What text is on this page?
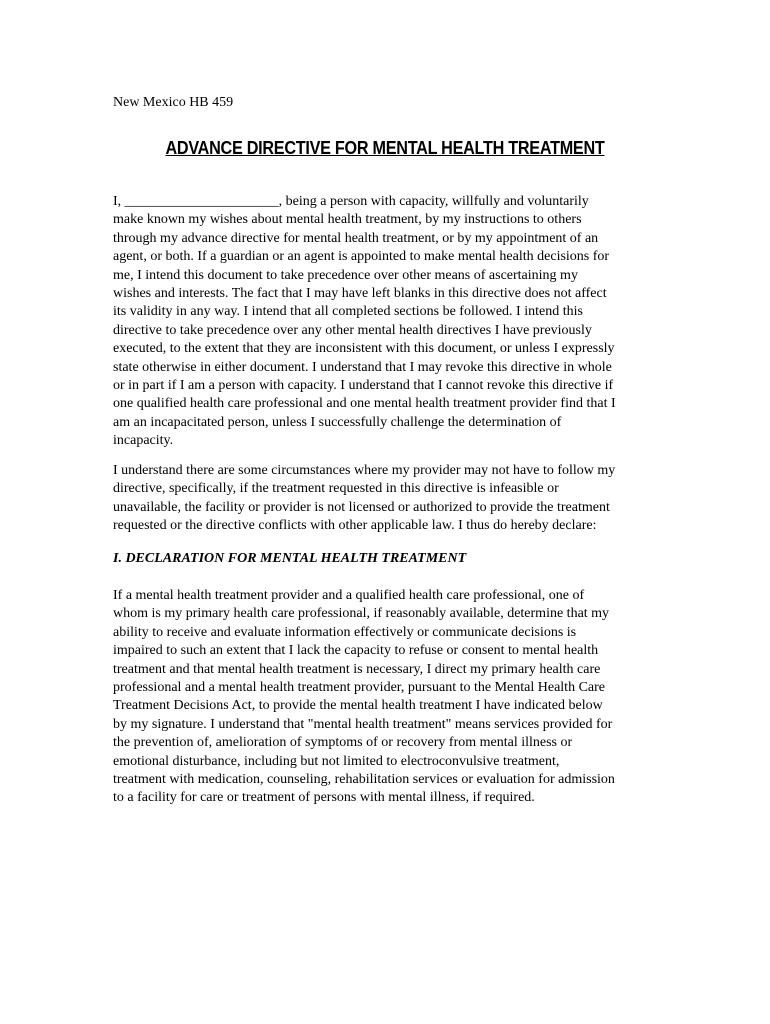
New Mexico HB 459

ADVANCE DIRECTIVE FOR MENTAL HEALTH TREATMENT

I, ______________________, being a person with capacity, willfully and voluntarily
make known my wishes about mental health treatment, by my instructions to others
through my advance directive for mental health treatment, or by my appointment of an
agent, or both. If a guardian or an agent is appointed to make mental health decisions for
me, I intend this document to take precedence over other means of ascertaining my
wishes and interests. The fact that I may have left blanks in this directive does not affect
its validity in any way. I intend that all completed sections be followed. I intend this
directive to take precedence over any other mental health directives I have previously
executed, to the extent that they are inconsistent with this document, or unless I expressly
state otherwise in either document. I understand that I may revoke this directive in whole
or in part if I am a person with capacity. I understand that I cannot revoke this directive if
one qualified health care professional and one mental health treatment provider find that I
am an incapacitated person, unless I successfully challenge the determination of
incapacity.

I understand there are some circumstances where my provider may not have to follow my
directive, specifically, if the treatment requested in this directive is infeasible or
unavailable, the facility or provider is not licensed or authorized to provide the treatment
requested or the directive conflicts with other applicable law. I thus do hereby declare:

I. DECLARATION FOR MENTAL HEALTH TREATMENT

If a mental health treatment provider and a qualified health care professional, one of
whom is my primary health care professional, if reasonably available, determine that my
ability to receive and evaluate information effectively or communicate decisions is
impaired to such an extent that I lack the capacity to refuse or consent to mental health
treatment and that mental health treatment is necessary, I direct my primary health care
professional and a mental health treatment provider, pursuant to the Mental Health Care
Treatment Decisions Act, to provide the mental health treatment I have indicated below
by my signature. I understand that "mental health treatment" means services provided for
the prevention of, amelioration of symptoms of or recovery from mental illness or
emotional disturbance, including but not limited to electroconvulsive treatment,
treatment with medication, counseling, rehabilitation services or evaluation for admission
to a facility for care or treatment of persons with mental illness, if required.
